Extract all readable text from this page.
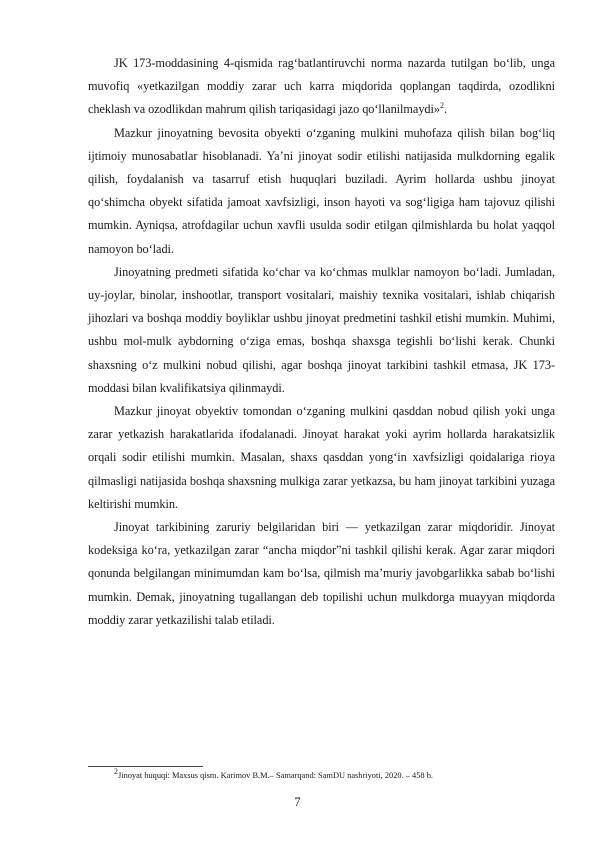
JK 173-moddasining 4-qismida rag‘batlantiruvchi norma nazarda tutilgan bo‘lib, unga muvofiq «yetkazilgan moddiy zarar uch karra miqdorida qoplangan taqdirda, ozodlikni cheklash va ozodlikdan mahrum qilish tariqasidagi jazo qo‘llanilmaydi»$^2$.

Mazkur jinoyatning bevosita obyekti o‘zganing mulkini muhofaza qilish bilan bog‘liq ijtimoiy munosabatlar hisoblanadi. Ya’ni jinoyat sodir etilishi natijasida mulkdorning egalik qilish, foydalanish va tasarruf etish huquqlari buziladi. Ayrim hollarda ushbu jinoyat qo‘shimcha obyekt sifatida jamoat xavfsizligi, inson hayoti va sog‘ligiga ham tajovuz qilishi mumkin. Ayniqsa, atrofdagilar uchun xavfli usulda sodir etilgan qilmishlarda bu holat yaqqol namoyon bo‘ladi.

Jinoyatning predmeti sifatida ko‘char va ko‘chmas mulklar namoyon bo‘ladi. Jumladan, uy-joylar, binolar, inshootlar, transport vositalari, maishiy texnika vositalari, ishlab chiqarish jihozlari va boshqa moddiy boyliklar ushbu jinoyat predmetini tashkil etishi mumkin. Muhimi, ushbu mol-mulk aybdorning o‘ziga emas, boshqa shaxsga tegishli bo‘lishi kerak. Chunki shaxsning o‘z mulkini nobud qilishi, agar boshqa jinoyat tarkibini tashkil etmasa, JK 173-moddasi bilan kvalifikatsiya qilinmaydi.

Mazkur jinoyat obyektiv tomondan o‘zganing mulkini qasddan nobud qilish yoki unga zarar yetkazish harakatlarida ifodalanadi. Jinoyat harakat yoki ayrim hollarda harakatsizlik orqali sodir etilishi mumkin. Masalan, shaxs qasddan yong‘in xavfsizligi qoidalariga rioya qilmasligi natijasida boshqa shaxsning mulkiga zarar yetkazsa, bu ham jinoyat tarkibini yuzaga keltirishi mumkin.

Jinoyat tarkibining zaruriy belgilaridan biri — yetkazilgan zarar miqdoridir. Jinoyat kodeksiga ko‘ra, yetkazilgan zarar “ancha miqdor”ni tashkil qilishi kerak. Agar zarar miqdori qonunda belgilangan minimumdan kam bo‘lsa, qilmish ma’muriy javobgarlikka sabab bo‘lishi mumkin. Demak, jinoyatning tugallangan deb topilishi uchun mulkdorga muayyan miqdorda moddiy zarar yetkazilishi talab etiladi.

$^2$Jinoyat huquqi: Maxsus qism. Karimov B.M.– Samarqand: SamDU nashriyoti, 2020. – 458 b.

7
